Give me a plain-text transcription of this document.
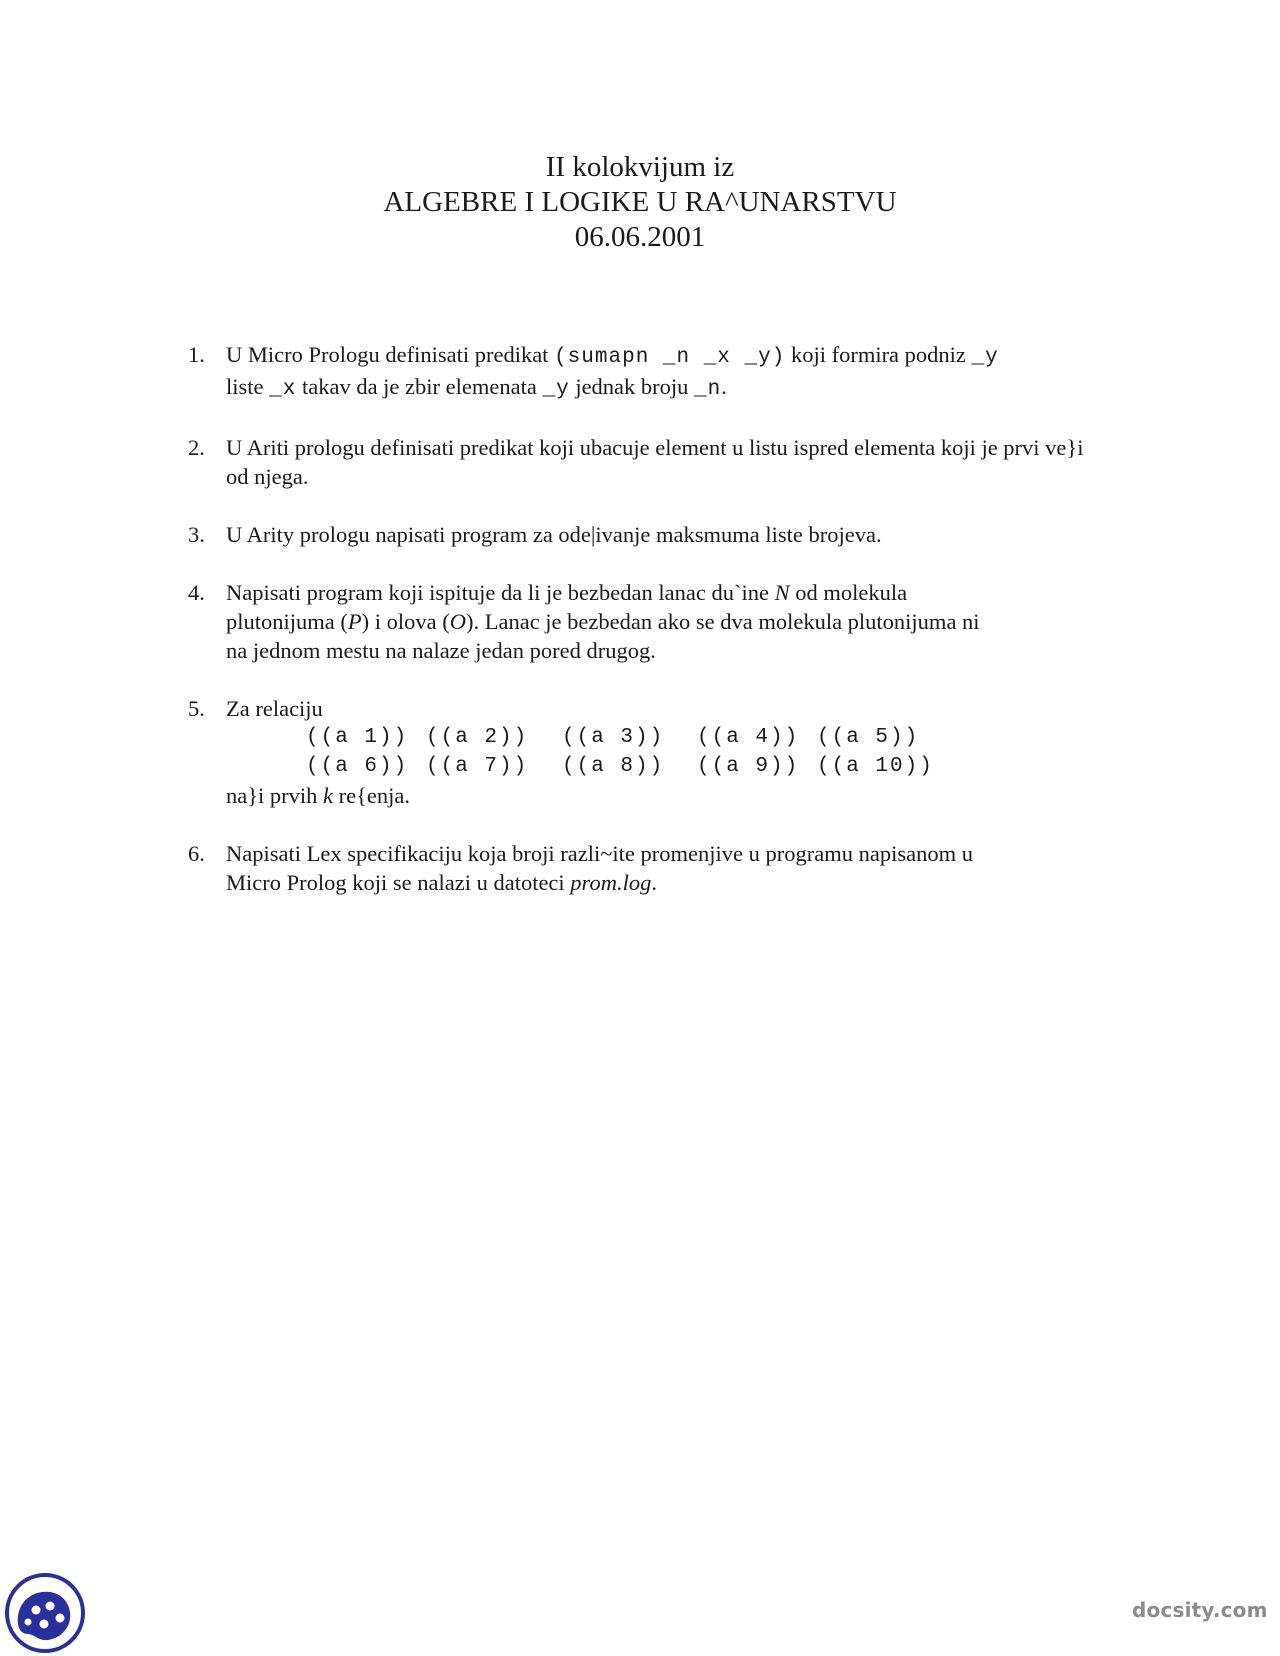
II kolokvijum iz
ALGEBRE I LOGIKE U RA^UNARSTVU
06.06.2001
1. U Micro Prologu definisati predikat (sumapn _n _x _y) koji formira podniz _y
liste _x takav da je zbir elemenata _y jednak broju _n.
2. U Ariti prologu definisati predikat koji ubacuje element u listu ispred elementa koji je prvi ve}i od njega.
3. U Arity prologu napisati program za ode|ivanje maksmuma liste brojeva.
4. Napisati program koji ispituje da li je bezbedan lanac du`ine N od molekula
plutonijuma (P) i olova (O). Lanac je bezbedan ako se dva molekula plutonijuma ni
na jednom mestu na nalaze jedan pored drugog.
5. Za relaciju
((a 1)) ((a 2))	((a 3))	((a 4)) ((a 5))
((a 6)) ((a 7))	((a 8))	((a 9)) ((a 10))
na}i prvih k re{enja.
6. Napisati Lex specifikaciju koja broji razli~ite promenjive u programu napisanom u
Micro Prolog koji se nalazi u datoteci prom.log.
docsity.com
